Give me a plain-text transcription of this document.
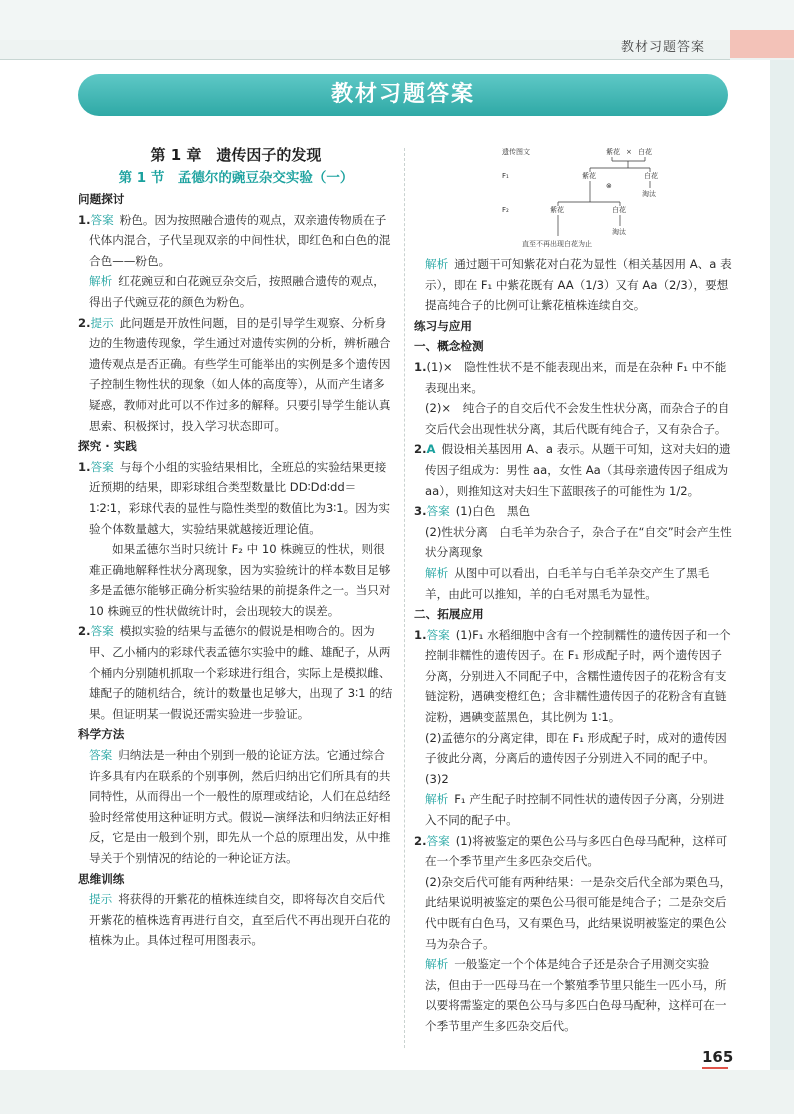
教材习题答案
教材习题答案

第 1 章　遗传因子的发现

第 1 节　孟德尔的豌豆杂交实验（一）

问题探讨

1.答案 粉色。因为按照融合遗传的观点，双亲遗传物质在子代体内混合，子代呈现双亲的中间性状，即红色和白色的混合色——粉色。

解析 红花豌豆和白花豌豆杂交后，按照融合遗传的观点，得出子代豌豆花的颜色为粉色。

2.提示 此问题是开放性问题，目的是引导学生观察、分析身边的生物遗传现象，学生通过对遗传实例的分析，辨析融合遗传观点是否正确。有些学生可能举出的实例是多个遗传因子控制生物性状的现象（如人体的高度等），从而产生诸多疑惑，教师对此可以不作过多的解释。只要引导学生能认真思索、积极探讨，投入学习状态即可。

探究 · 实践

1.答案 与每个小组的实验结果相比，全班总的实验结果更接近预期的结果，即彩球组合类型数量比 DD∶Dd∶dd＝1∶2∶1，彩球代表的显性与隐性类型的数值比为3∶1。因为实验个体数量越大，实验结果就越接近理论值。

如果孟德尔当时只统计 F₂ 中 10 株豌豆的性状，则很难正确地解释性状分离现象，因为实验统计的样本数目足够多是孟德尔能够正确分析实验结果的前提条件之一。当只对 10 株豌豆的性状做统计时，会出现较大的误差。

2.答案 模拟实验的结果与孟德尔的假说是相吻合的。因为甲、乙小桶内的彩球代表孟德尔实验中的雌、雄配子，从两个桶内分别随机抓取一个彩球进行组合，实际上是模拟雌、雄配子的随机结合，统计的数量也足够大，出现了 3∶1 的结果。但证明某一假说还需实验进一步验证。

科学方法

答案 归纳法是一种由个别到一般的论证方法。它通过综合许多具有内在联系的个别事例，然后归纳出它们所具有的共同特性，从而得出一个一般性的原理或结论，人们在总结经验时经常使用这种证明方式。假说—演绎法和归纳法正好相反，它是由一般到个别，即先从一个总的原理出发，从中推导关于个别情况的结论的一种论证方法。

思维训练

提示 将获得的开紫花的植株连续自交，即将每次自交后代开紫花的植株选育再进行自交，直至后代不再出现开白花的植株为止。具体过程可用图表示。

遗传图文	紫花 × 白花
F₁	紫花	白花
⊗
淘汰
F₂	紫花	白花
淘汰
直至不再出现白花为止

解析 通过题干可知紫花对白花为显性（相关基因用 A、a 表示），即在 F₁ 中紫花既有 AA（1/3）又有 Aa（2/3），要想提高纯合子的比例可让紫花植株连续自交。

练习与应用

一、概念检测

1.(1)×　隐性性状不是不能表现出来，而是在杂种 F₁ 中不能表现出来。

(2)×　纯合子的自交后代不会发生性状分离，而杂合子的自交后代会出现性状分离，其后代既有纯合子，又有杂合子。

2.A 假设相关基因用 A、a 表示。从题干可知，这对夫妇的遗传因子组成为：男性 aa，女性 Aa（其母亲遗传因子组成为 aa），则推知这对夫妇生下蓝眼孩子的可能性为 1/2。

3.答案 (1)白色　黑色

(2)性状分离　白毛羊为杂合子，杂合子在“自交”时会产生性状分离现象

解析 从图中可以看出，白毛羊与白毛羊杂交产生了黑毛羊，由此可以推知，羊的白毛对黑毛为显性。

二、拓展应用

1.答案 (1)F₁ 水稻细胞中含有一个控制糯性的遗传因子和一个控制非糯性的遗传因子。在 F₁ 形成配子时，两个遗传因子分离，分别进入不同配子中，含糯性遗传因子的花粉含有支链淀粉，遇碘变橙红色；含非糯性遗传因子的花粉含有直链淀粉，遇碘变蓝黑色，其比例为 1∶1。

(2)孟德尔的分离定律，即在 F₁ 形成配子时，成对的遗传因子彼此分离，分离后的遗传因子分别进入不同的配子中。

(3)2

解析 F₁ 产生配子时控制不同性状的遗传因子分离，分别进入不同的配子中。

2.答案 (1)将被鉴定的栗色公马与多匹白色母马配种，这样可在一个季节里产生多匹杂交后代。

(2)杂交后代可能有两种结果：一是杂交后代全部为栗色马，此结果说明被鉴定的栗色公马很可能是纯合子；二是杂交后代中既有白色马，又有栗色马，此结果说明被鉴定的栗色公马为杂合子。

解析 一般鉴定一个个体是纯合子还是杂合子用测交实验法，但由于一匹母马在一个繁殖季节里只能生一匹小马，所以要将需鉴定的栗色公马与多匹白色母马配种，这样可在一个季节里产生多匹杂交后代。

165
